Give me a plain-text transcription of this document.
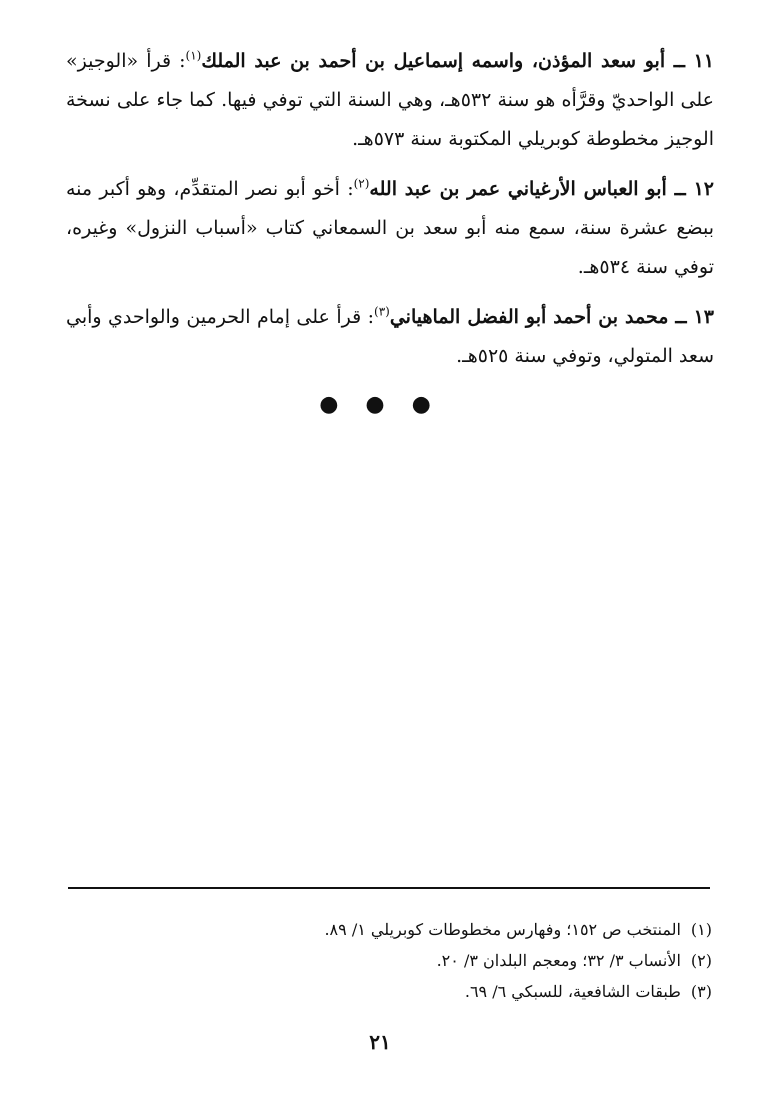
١١ ــ أبو سعد المؤذن، واسمه إسماعيل بن أحمد بن عبد الملك$^{(١)}$: قرأ «الوجيز» على الواحديّ وقرَّأه هو سنة ٥٣٢هـ، وهي السنة التي توفي فيها. كما جاء على نسخة الوجيز مخطوطة كوبريلي المكتوبة سنة ٥٧٣هـ.

١٢ ــ أبو العباس الأرغياني عمر بن عبد الله$^{(٢)}$: أخو أبو نصر المتقدِّم، وهو أكبر منه ببضع عشرة سنة، سمع منه أبو سعد بن السمعاني كتاب «أسباب النزول» وغيره، توفي سنة ٥٣٤هـ.

١٣ ــ محمد بن أحمد أبو الفضل الماهياني$^{(٣)}$: قرأ على إمام الحرمين والواحدي وأبي سعد المتولي، وتوفي سنة ٥٢٥هـ.

● ● ●
(١)المنتخب ص ١٥٢؛ وفهارس مخطوطات كوبريلي ١/ ٨٩.
(٢)الأنساب ٣/ ٣٢؛ ومعجم البلدان ٣/ ٢٠.
(٣)طبقات الشافعية، للسبكي ٦/ ٦٩.
٢١
